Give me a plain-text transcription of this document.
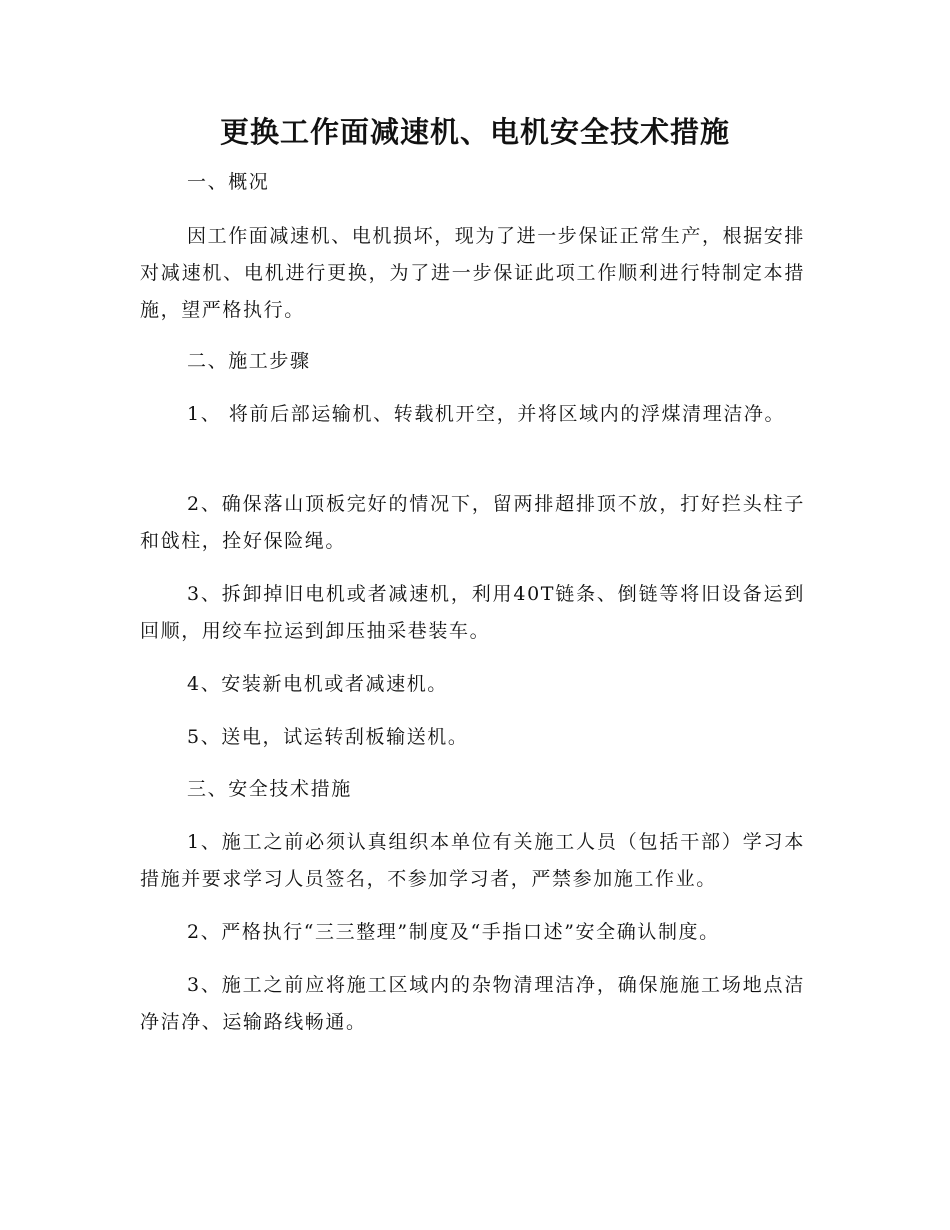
更换工作面减速机、电机安全技术措施

一、概况

因工作面减速机、电机损坏，现为了进一步保证正常生产，根据安排对减速机、电机进行更换，为了进一步保证此项工作顺利进行特制定本措施，望严格执行。

二、施工步骤

1、 将前后部运输机、转载机开空，并将区域内的浮煤清理洁净。

2、确保落山顶板完好的情况下，留两排超排顶不放，打好拦头柱子和戗柱，拴好保险绳。

3、拆卸掉旧电机或者减速机，利用40T链条、倒链等将旧设备运到回顺，用绞车拉运到卸压抽采巷装车。

4、安装新电机或者减速机。

5、送电，试运转刮板输送机。

三、安全技术措施

1、施工之前必须认真组织本单位有关施工人员（包括干部）学习本措施并要求学习人员签名，不参加学习者，严禁参加施工作业。

2、严格执行“三三整理”制度及“手指口述”安全确认制度。

3、施工之前应将施工区域内的杂物清理洁净，确保施施工场地点洁净洁净、运输路线畅通。
